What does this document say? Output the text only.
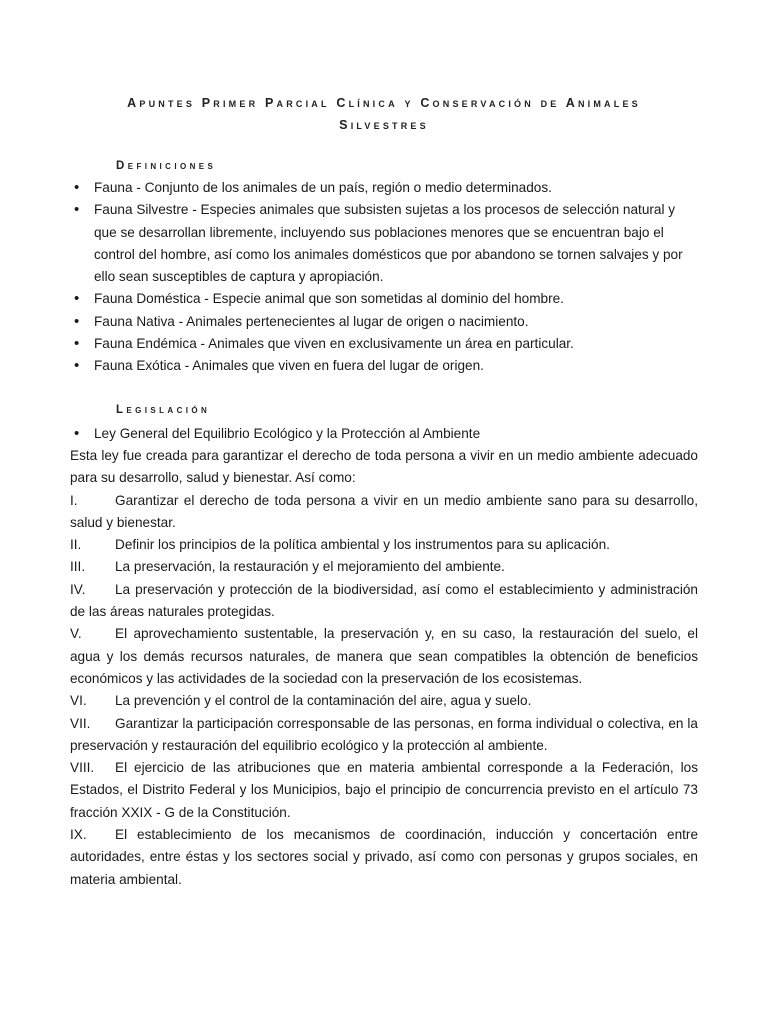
Apuntes Primer Parcial Clínica y Conservación de Animales
Silvestres
Definiciones
• Fauna - Conjunto de los animales de un país, región o medio determinados.
• Fauna Silvestre - Especies animales que subsisten sujetas a los procesos de selección natural y que se desarrollan libremente, incluyendo sus poblaciones menores que se encuentran bajo el control del hombre, así como los animales domésticos que por abandono se tornen salvajes y por ello sean susceptibles de captura y apropiación.
• Fauna Doméstica - Especie animal que son sometidas al dominio del hombre.
• Fauna Nativa - Animales pertenecientes al lugar de origen o nacimiento.
• Fauna Endémica - Animales que viven en exclusivamente un área en particular.
• Fauna Exótica - Animales que viven en fuera del lugar de origen.
Legislación
• Ley General del Equilibrio Ecológico y la Protección al Ambiente
Esta ley fue creada para garantizar el derecho de toda persona a vivir en un medio ambiente adecuado para su desarrollo, salud y bienestar. Así como:
I.	Garantizar el derecho de toda persona a vivir en un medio ambiente sano para su desarrollo, salud y bienestar.
II. Definir los principios de la política ambiental y los instrumentos para su aplicación.
III. La preservación, la restauración y el mejoramiento del ambiente.
IV. La preservación y protección de la biodiversidad, así como el establecimiento y administración de las áreas naturales protegidas.
V. El aprovechamiento sustentable, la preservación y, en su caso, la restauración del suelo, el agua y los demás recursos naturales, de manera que sean compatibles la obtención de beneficios económicos y las actividades de la sociedad con la preservación de los ecosistemas.
VI. La prevención y el control de la contaminación del aire, agua y suelo.
VII. Garantizar la participación corresponsable de las personas, en forma individual o colectiva, en la preservación y restauración del equilibrio ecológico y la protección al ambiente.
VIII. El ejercicio de las atribuciones que en materia ambiental corresponde a la Federación, los Estados, el Distrito Federal y los Municipios, bajo el principio de concurrencia previsto en el artículo 73 fracción XXIX - G de la Constitución.
IX. El establecimiento de los mecanismos de coordinación, inducción y concertación entre autoridades, entre éstas y los sectores social y privado, así como con personas y grupos sociales, en materia ambiental.
